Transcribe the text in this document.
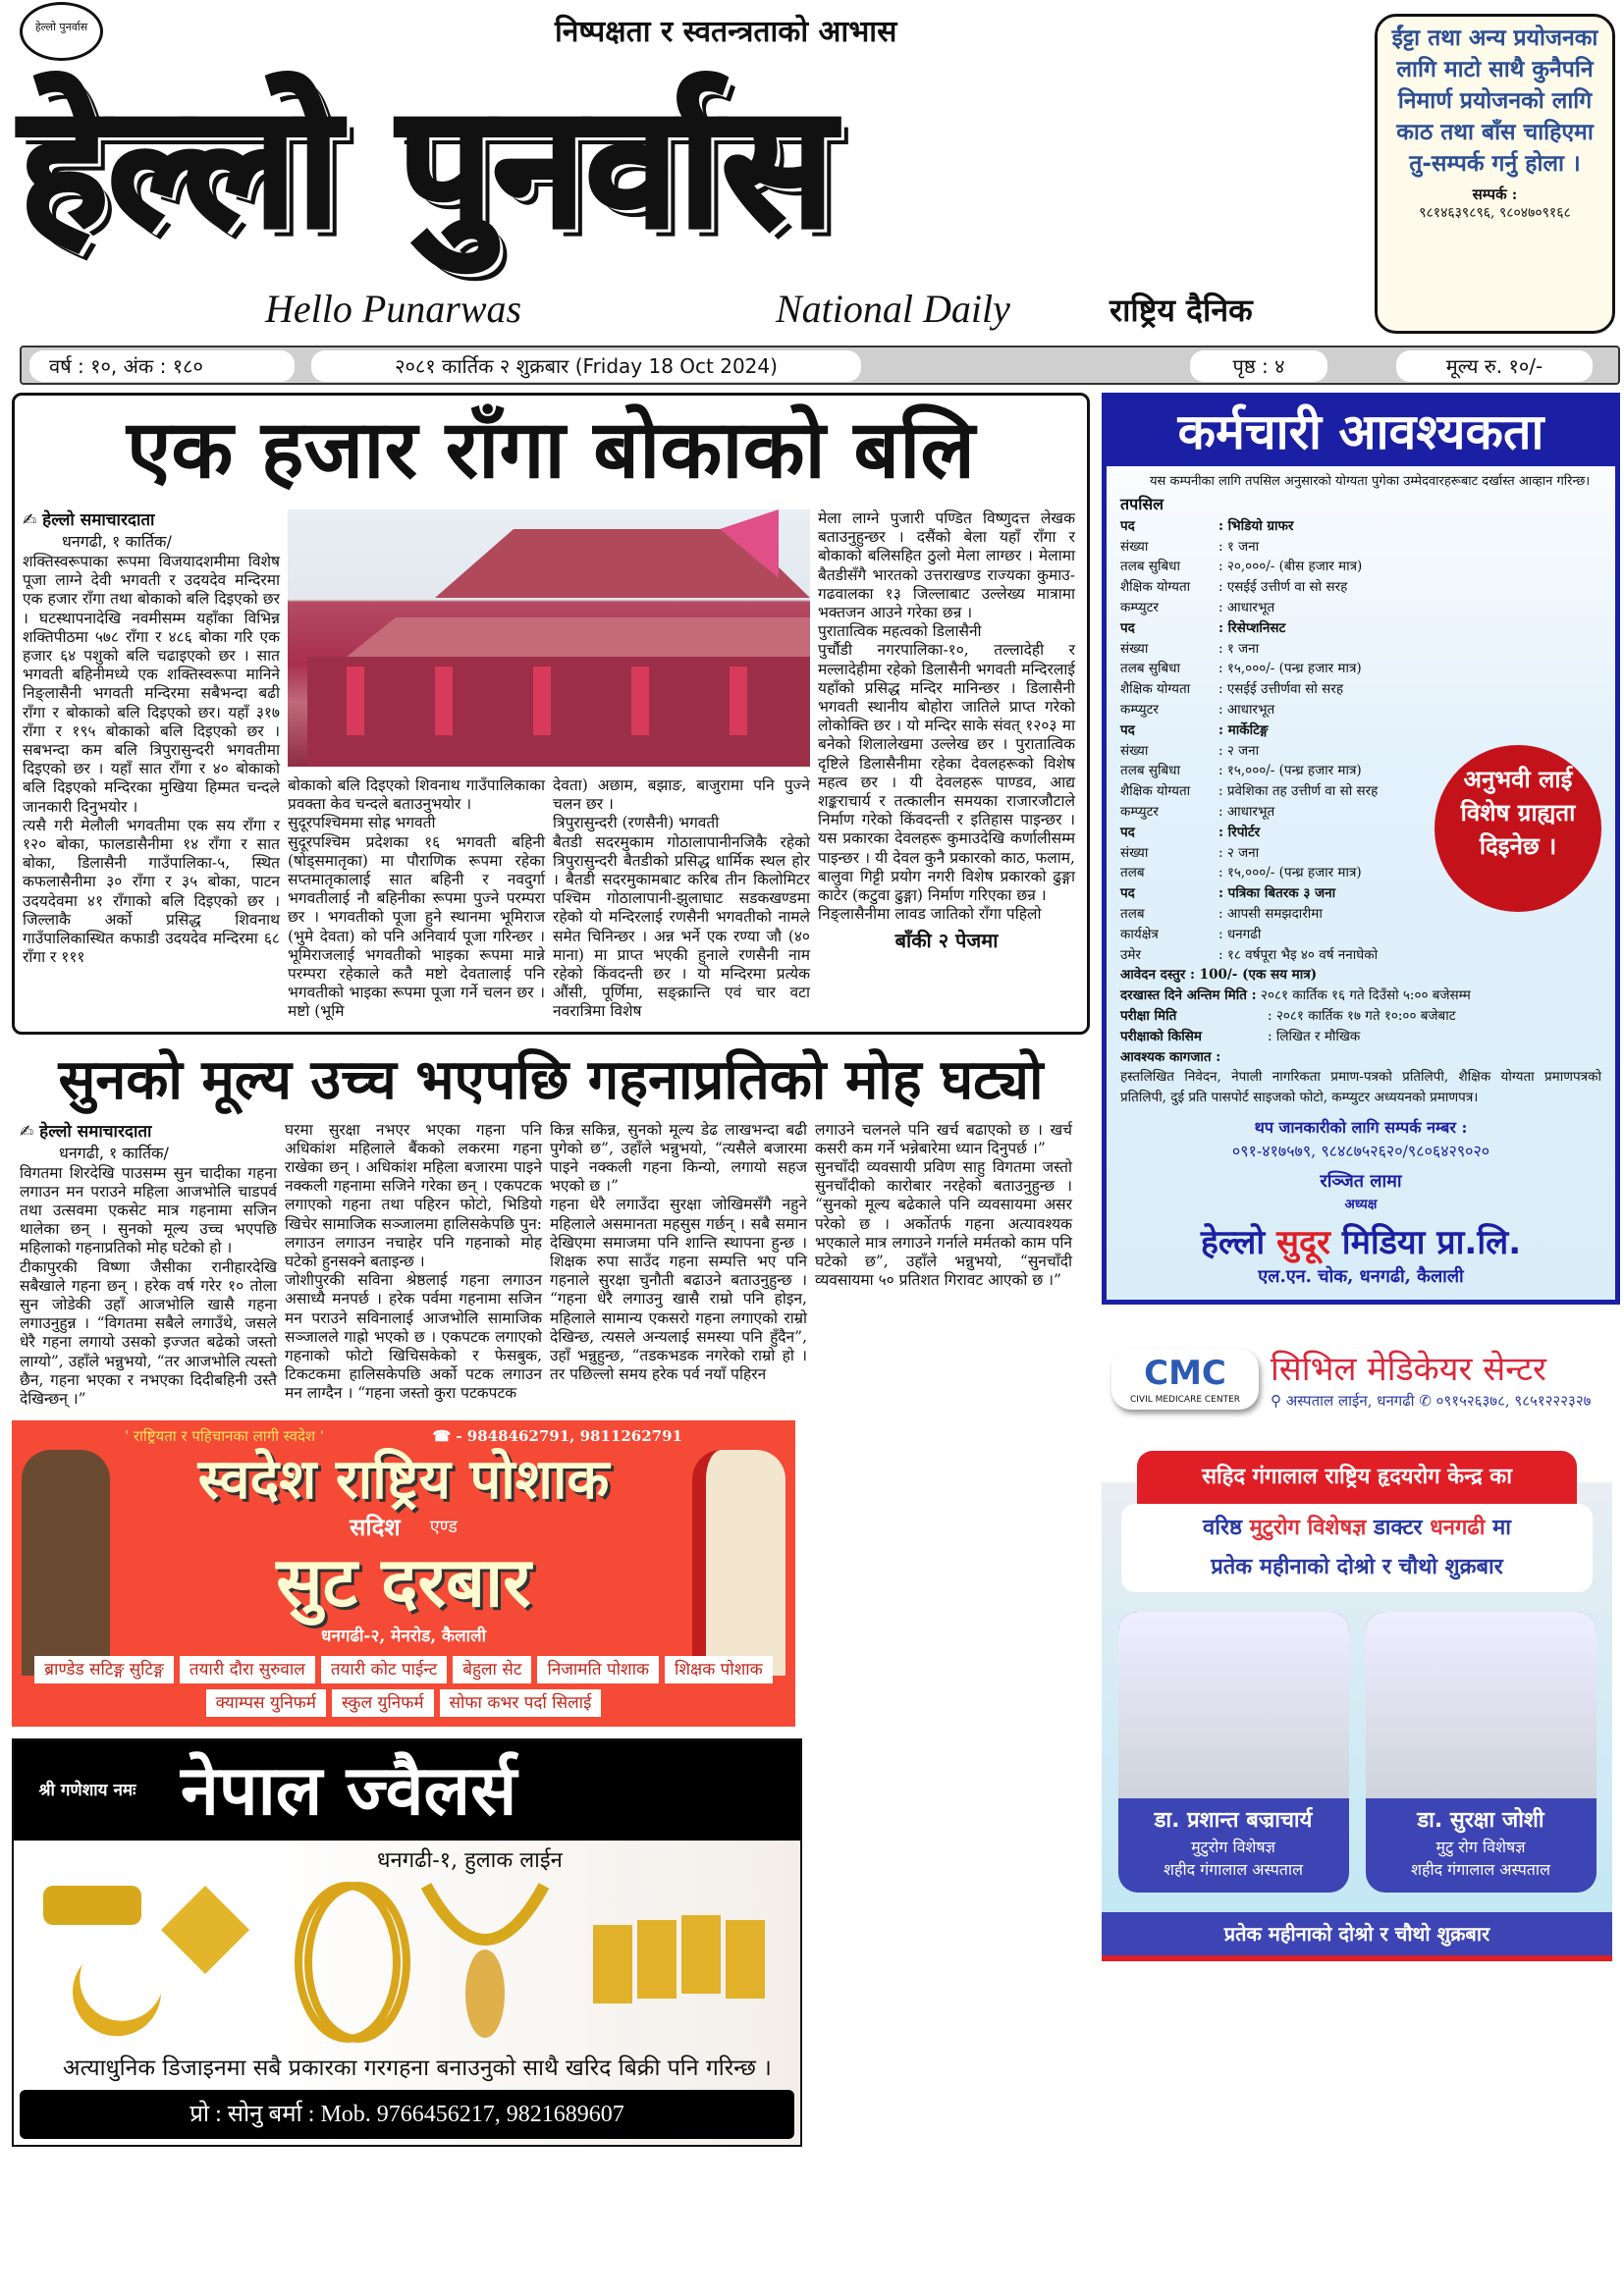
हेल्लो पुनर्वास
हेल्लो पुनर्वास	निष्पक्षता र स्वतन्त्रताको आभास
Hello Punarwas	National Daily	राष्ट्रिय दैनिक
ईंट्टा तथा अन्य प्रयोजनका लागि माटो साथै कुनैपनि निमार्ण प्रयोजनको लागि काठ तथा बाँस चाहिएमा तु-सम्पर्क गर्नु होला ।
सम्पर्क :
९८१४६३९८९६, ९८०४७०९१६८
वर्ष : १०, अंक : १८०	२०८१ कार्तिक २ शुक्रबार (Friday 18 Oct 2024)	पृष्ठ : ४	मूल्य रु. १०/-
एक हजार राँगा बोकाको बलि
✍ हेल्लो समाचारदाता
धनगढी, १ कार्तिक/

शक्तिस्वरूपाका रूपमा विजयादशमीमा विशेष पूजा लाग्ने देवी भगवती र उदयदेव मन्दिरमा एक हजार राँगा तथा बोकाको बलि दिइएको छर । घटस्थापनादेखि नवमीसम्म यहाँका विभिन्न शक्तिपीठमा ५७८ राँगा र ४८६ बोका गरि एक हजार ६४ पशुको बलि चढाइएको छर । सात भगवती बहिनीमध्ये एक शक्तिस्वरूपा मानिने निङ्लासैनी भगवती मन्दिरमा सबैभन्दा बढी राँगा र बोकाको बलि दिइएको छर। यहाँ ३१७ राँगा र १९५ बोकाको बलि दिइएको छर । सबभन्दा कम बलि त्रिपुरासुन्दरी भगवतीमा दिइएको छर । यहाँ सात राँगा र ४० बोकाको बलि दिइएको मन्दिरका मुखिया हिम्मत चन्दले जानकारी दिनुभयोर ।

त्यसै गरी मेलौली भगवतीमा एक सय राँगा र १२० बोका, फालडासैनीमा १४ राँगा र सात बोका, डिलासैनी गाउँपालिका-५, स्थित कफलासैनीमा ३० राँगा र ३५ बोका, पाटन उदयदेवमा ४१ राँगाको बलि दिइएको छर । जिल्लाकै अर्को प्रसिद्ध शिवनाथ गाउँपालिकास्थित कफाडी उदयदेव मन्दिरमा ६८ राँगा र १११

बोकाको बलि दिइएको शिवनाथ गाउँपालिकाका प्रवक्ता केव चन्दले बताउनुभयोर ।

सुदूरपश्चिममा सोह्र भगवती

सुदूरपश्चिम प्रदेशका १६ भगवती बहिनी (षोड्समातृका) मा पौराणिक रूपमा रहेका सप्तमातृकालाई सात बहिनी र नवदुर्गा भगवतीलाई नौ बहिनीका रूपमा पुज्ने परम्परा छर । भगवतीको पूजा हुने स्थानमा भूमिराज (भुमे देवता) को पनि अनिवार्य पूजा गरिन्छर । भूमिराजलाई भगवतीको भाइका रूपमा मान्ने परम्परा रहेकाले कतै मष्टो देवतालाई पनि भगवतीको भाइका रूपमा पूजा गर्ने चलन छर । मष्टो (भूमि

देवता) अछाम, बझाङ, बाजुरामा पनि पुज्ने चलन छर ।

त्रिपुरासुन्दरी (रणसैनी) भगवती

बैतडी सदरमुकाम गोठालापानीनजिकै रहेको त्रिपुरासुन्दरी बैतडीको प्रसिद्ध धार्मिक स्थल होर । बैतडी सदरमुकामबाट करिब तीन किलोमिटर पश्चिम गोठालापानी-झुलाघाट सडकखण्डमा रहेको यो मन्दिरलाई रणसैनी भगवतीको नामले समेत चिनिन्छर । अन्न भर्ने एक रण्या जौ (४० माना) मा प्राप्त भएकी हुनाले रणसैनी नाम रहेको किंवदन्ती छर । यो मन्दिरमा प्रत्येक औंसी, पूर्णिमा, सङ्क्रान्ति एवं चार वटा नवरात्रिमा विशेष

मेला लाग्ने पुजारी पण्डित विष्णुदत्त लेखक बताउनुहुन्छर । दसैंको बेला यहाँ राँगा र बोकाको बलिसहित ठुलो मेला लाग्छर । मेलामा बैतडीसँगै भारतको उत्तराखण्ड राज्यका कुमाउ-गढवालका १३ जिल्लाबाट उल्लेख्य मात्रामा भक्तजन आउने गरेका छन्र ।

पुरातात्विक महत्वको डिलासैनी

पुर्चौडी नगरपालिका-१०, तल्लादेही र मल्लादेहीमा रहेको डिलासैनी भगवती मन्दिरलाई यहाँको प्रसिद्ध मन्दिर मानिन्छर । डिलासैनी भगवती स्थानीय बोहोरा जातिले प्राप्त गरेको लोकोक्ति छर । यो मन्दिर साके संवत् १२०३ मा बनेको शिलालेखमा उल्लेख छर । पुरातात्विक दृष्टिले डिलासैनीमा रहेका देवलहरूको विशेष महत्व छर । यी देवलहरू पाण्डव, आद्य शङ्कराचार्य र तत्कालीन समयका राजारजौटाले निर्माण गरेको किंवदन्ती र इतिहास पाइन्छर । यस प्रकारका देवलहरू कुमाउदेखि कर्णालीसम्म पाइन्छर । यी देवल कुनै प्रकारको काठ, फलाम, बालुवा गिट्टी प्रयोग नगरी विशेष प्रकारको ढुङ्गा काटेर (कटुवा ढुङ्गा) निर्माण गरिएका छन्र ।

निङ्लासैनीमा लावड जातिको राँगा पहिलो

बाँकी २ पेजमा
सुनको मूल्य उच्च भएपछि गहनाप्रतिको मोह घट्यो
✍ हेल्लो समाचारदाता
धनगढी, १ कार्तिक/

विगतमा शिरदेखि पाउसम्म सुन चादीका गहना लगाउन मन पराउने महिला आजभोलि चाडपर्व तथा उत्सवमा एकसेट मात्र गहनामा सजिन थालेका छन् । सुनको मूल्य उच्च भएपछि महिलाको गहनाप्रतिको मोह घटेको हो ।

टीकापुरकी विष्णा जैसीका रानीहारदेखि सबैखाले गहना छन् । हरेक वर्ष गरेर १० तोला सुन जोडेकी उहाँ आजभोलि खासै गहना लगाउनुहुन्न । “विगतमा सबैले लगाउँथे, जसले धेरै गहना लगायो उसको इज्जत बढेको जस्तो लाग्यो”, उहाँले भन्नुभयो, “तर आजभोलि त्यस्तो छैन, गहना भएका र नभएका दिदीबहिनी उस्तै देखिन्छन् ।”

घरमा सुरक्षा नभएर भएका गहना पनि अधिकांश महिलाले बैंकको लकरमा गहना राखेका छन् । अधिकांश महिला बजारमा पाइने नक्कली गहनामा सजिने गरेका छन् । एकपटक लगाएको गहना तथा पहिरन फोटो, भिडियो खिचेर सामाजिक सञ्जालमा हालिसकेपछि पुन: लगाउन लगाउन नचाहेर पनि गहनाको मोह घटेको हुनसक्ने बताइन्छ ।

जोशीपुरकी सविना श्रेष्ठलाई गहना लगाउन असाध्यै मनपर्छ । हरेक पर्वमा गहनामा सजिन मन पराउने सविनालाई आजभोलि सामाजिक सञ्जालले गाह्रो भएको छ । एकपटक लगाएको गहनाको फोटो खिचिसकेको र फेसबुक, टिकटकमा हालिसकेपछि अर्को पटक लगाउन मन लाग्दैन । “गहना जस्तो कुरा पटकपटक

किन्न सकिन्न, सुनको मूल्य डेढ लाखभन्दा बढी पुगेको छ”, उहाँले भन्नुभयो, “त्यसैले बजारमा पाइने नक्कली गहना किन्यो, लगायो सहज भएको छ ।”

गहना धेरै लगाउँदा सुरक्षा जोखिमसँगै नहुने महिलाले असमानता महसुस गर्छन् । सबै समान देखिएमा समाजमा पनि शान्ति स्थापना हुन्छ । शिक्षक रुपा साउँद गहना सम्पत्ति भए पनि गहनाले सुरक्षा चुनौती बढाउने बताउनुहुन्छ । “गहना धेरै लगाउनु खासै राम्रो पनि होइन, महिलाले सामान्य एकसरो गहना लगाएको राम्रो देखिन्छ, त्यसले अन्यलाई समस्या पनि हुँदैन”, उहाँ भन्नुहुन्छ, “तडकभडक नगरेको राम्रो हो । तर पछिल्लो समय हरेक पर्व नयाँ पहिरन

लगाउने चलनले पनि खर्च बढाएको छ । खर्च कसरी कम गर्ने भन्नेबारेमा ध्यान दिनुपर्छ ।”

सुनचाँदी व्यवसायी प्रविण साहु विगतमा जस्तो सुनचाँदीको कारोबार नरहेको बताउनुहुन्छ । “सुनको मूल्य बढेकाले पनि व्यवसायमा असर परेको छ । अर्कोतर्फ गहना अत्यावश्यक भएकाले मात्र लगाउने गर्नाले मर्मतको काम पनि घटेको छ”, उहाँले भन्नुभयो, “सुनचाँदी व्यवसायमा ५० प्रतिशत गिरावट आएको छ ।”

' राष्ट्रियता र पहिचानका लागी स्वदेश '	☎ - 9848462791, 9811262791
स्वदेश राष्ट्रिय पोशाक
सदिश एण्ड
सुट दरबार
धनगढी-२, मेनरोड, कैलाली
ब्राण्डेड सटिङ्ग सुटिङ्ग	तयारी दौरा सुरुवाल	तयारी कोट पाईन्ट	बेहुला सेट	निजामति पोशाक	शिक्षक पोशाक
क्याम्पस युनिफर्म	स्कुल युनिफर्म	सोफा कभर पर्दा सिलाई
श्री गणेशाय नमः नेपाल ज्वैलर्स
धनगढी-१, हुलाक लाईन
अत्याधुनिक डिजाइनमा सबै प्रकारका गरगहना बनाउनुको साथै खरिद बिक्री पनि गरिन्छ ।
प्रो : सोनु बर्मा : Mob. 9766456217, 9821689607
कर्मचारी आवश्यकता
यस कम्पनीका लागि तपसिल अनुसारको योग्यता पुगेका उम्मेदवारहरूबाट दर्खास्त आव्हान गरिन्छ।
तपसिल
पद	: भिडियो ग्राफर
संख्या	: १ जना
तलब सुबिधा	: २०,०००/- (बीस हजार मात्र)
शैक्षिक योग्यता	: एसईई उत्तीर्ण वा सो सरह
कम्प्युटर	: आधारभूत
पद	: रिसेप्शनिसट
संख्या	: १ जना
तलब सुबिधा	: १५,०००/- (पन्ध्र हजार मात्र)
शैक्षिक योग्यता	: एसईई उत्तीर्णवा सो सरह
कम्प्युटर	: आधारभूत
पद	: मार्केटिङ्ग
अनुभवी लाई विशेष ग्राह्यता दिइनेछ ।
संख्या	: २ जना
तलब सुबिधा	: १५,०००/- (पन्ध्र हजार मात्र)
शैक्षिक योग्यता	: प्रवेशिका तह उत्तीर्ण वा सो सरह
कम्प्युटर	: आधारभूत
पद	: रिपोर्टर
संख्या	: २ जना
तलब	: १५,०००/- (पन्ध्र हजार मात्र)
पद	: पत्रिका बितरक ३ जना
तलब	: आपसी समझदारीमा
कार्यक्षेत्र	: धनगढी
उमेर	: १८ वर्षपूरा भैइ ४० वर्ष ननाघेको
आवेदन दस्तुर : 100/- (एक सय मात्र)
दरखास्त दिने अन्तिम मिति : २०८१ कार्तिक १६ गते दिउँसो ५:०० बजेसम्म
परीक्षा मिति	: २०८१ कार्तिक १७ गते १०:०० बजेबाट
परीक्षाको किसिम	: लिखित र मौखिक
आवश्यक कागजात :
हस्तलिखित निवेदन, नेपाली नागरिकता प्रमाण-पत्रको प्रतिलिपी, शैक्षिक योग्यता प्रमाणपत्रको प्रतिलिपी, दुई प्रति पासपोर्ट साइजको फोटो, कम्प्युटर अध्ययनको प्रमाणपत्र।
थप जानकारीको लागि सम्पर्क नम्बर :
०९१-४१७५७९, ९८४८७५२६२०/९८०६४२९०२०
रञ्जित लामा
अध्यक्ष
हेल्लो सुदूर मिडिया प्रा.लि.
एल.एन. चोक, धनगढी, कैलाली
CMC
CIVIL MEDICARE CENTER
सिभिल मेडिकेयर सेन्टर
⚲ अस्पताल लाईन, धनगढी ✆ ०९१५२६३७८, ९८५१२२२३२७
सहिद गंगालाल राष्ट्रिय हृदयरोग केन्द्र का
वरिष्ठ मुटुरोग विशेषज्ञ डाक्टर धनगढी मा
प्रतेक महीनाको दोश्रो र चौथो शुक्रबार
डा. प्रशान्त बज्राचार्य
मुटुरोग विशेषज्ञ
शहीद गंगालाल अस्पताल
डा. सुरक्षा जोशी
मुटु रोग विशेषज्ञ
शहीद गंगालाल अस्पताल
प्रतेक महीनाको दोश्रो र चौथो शुक्रबार
